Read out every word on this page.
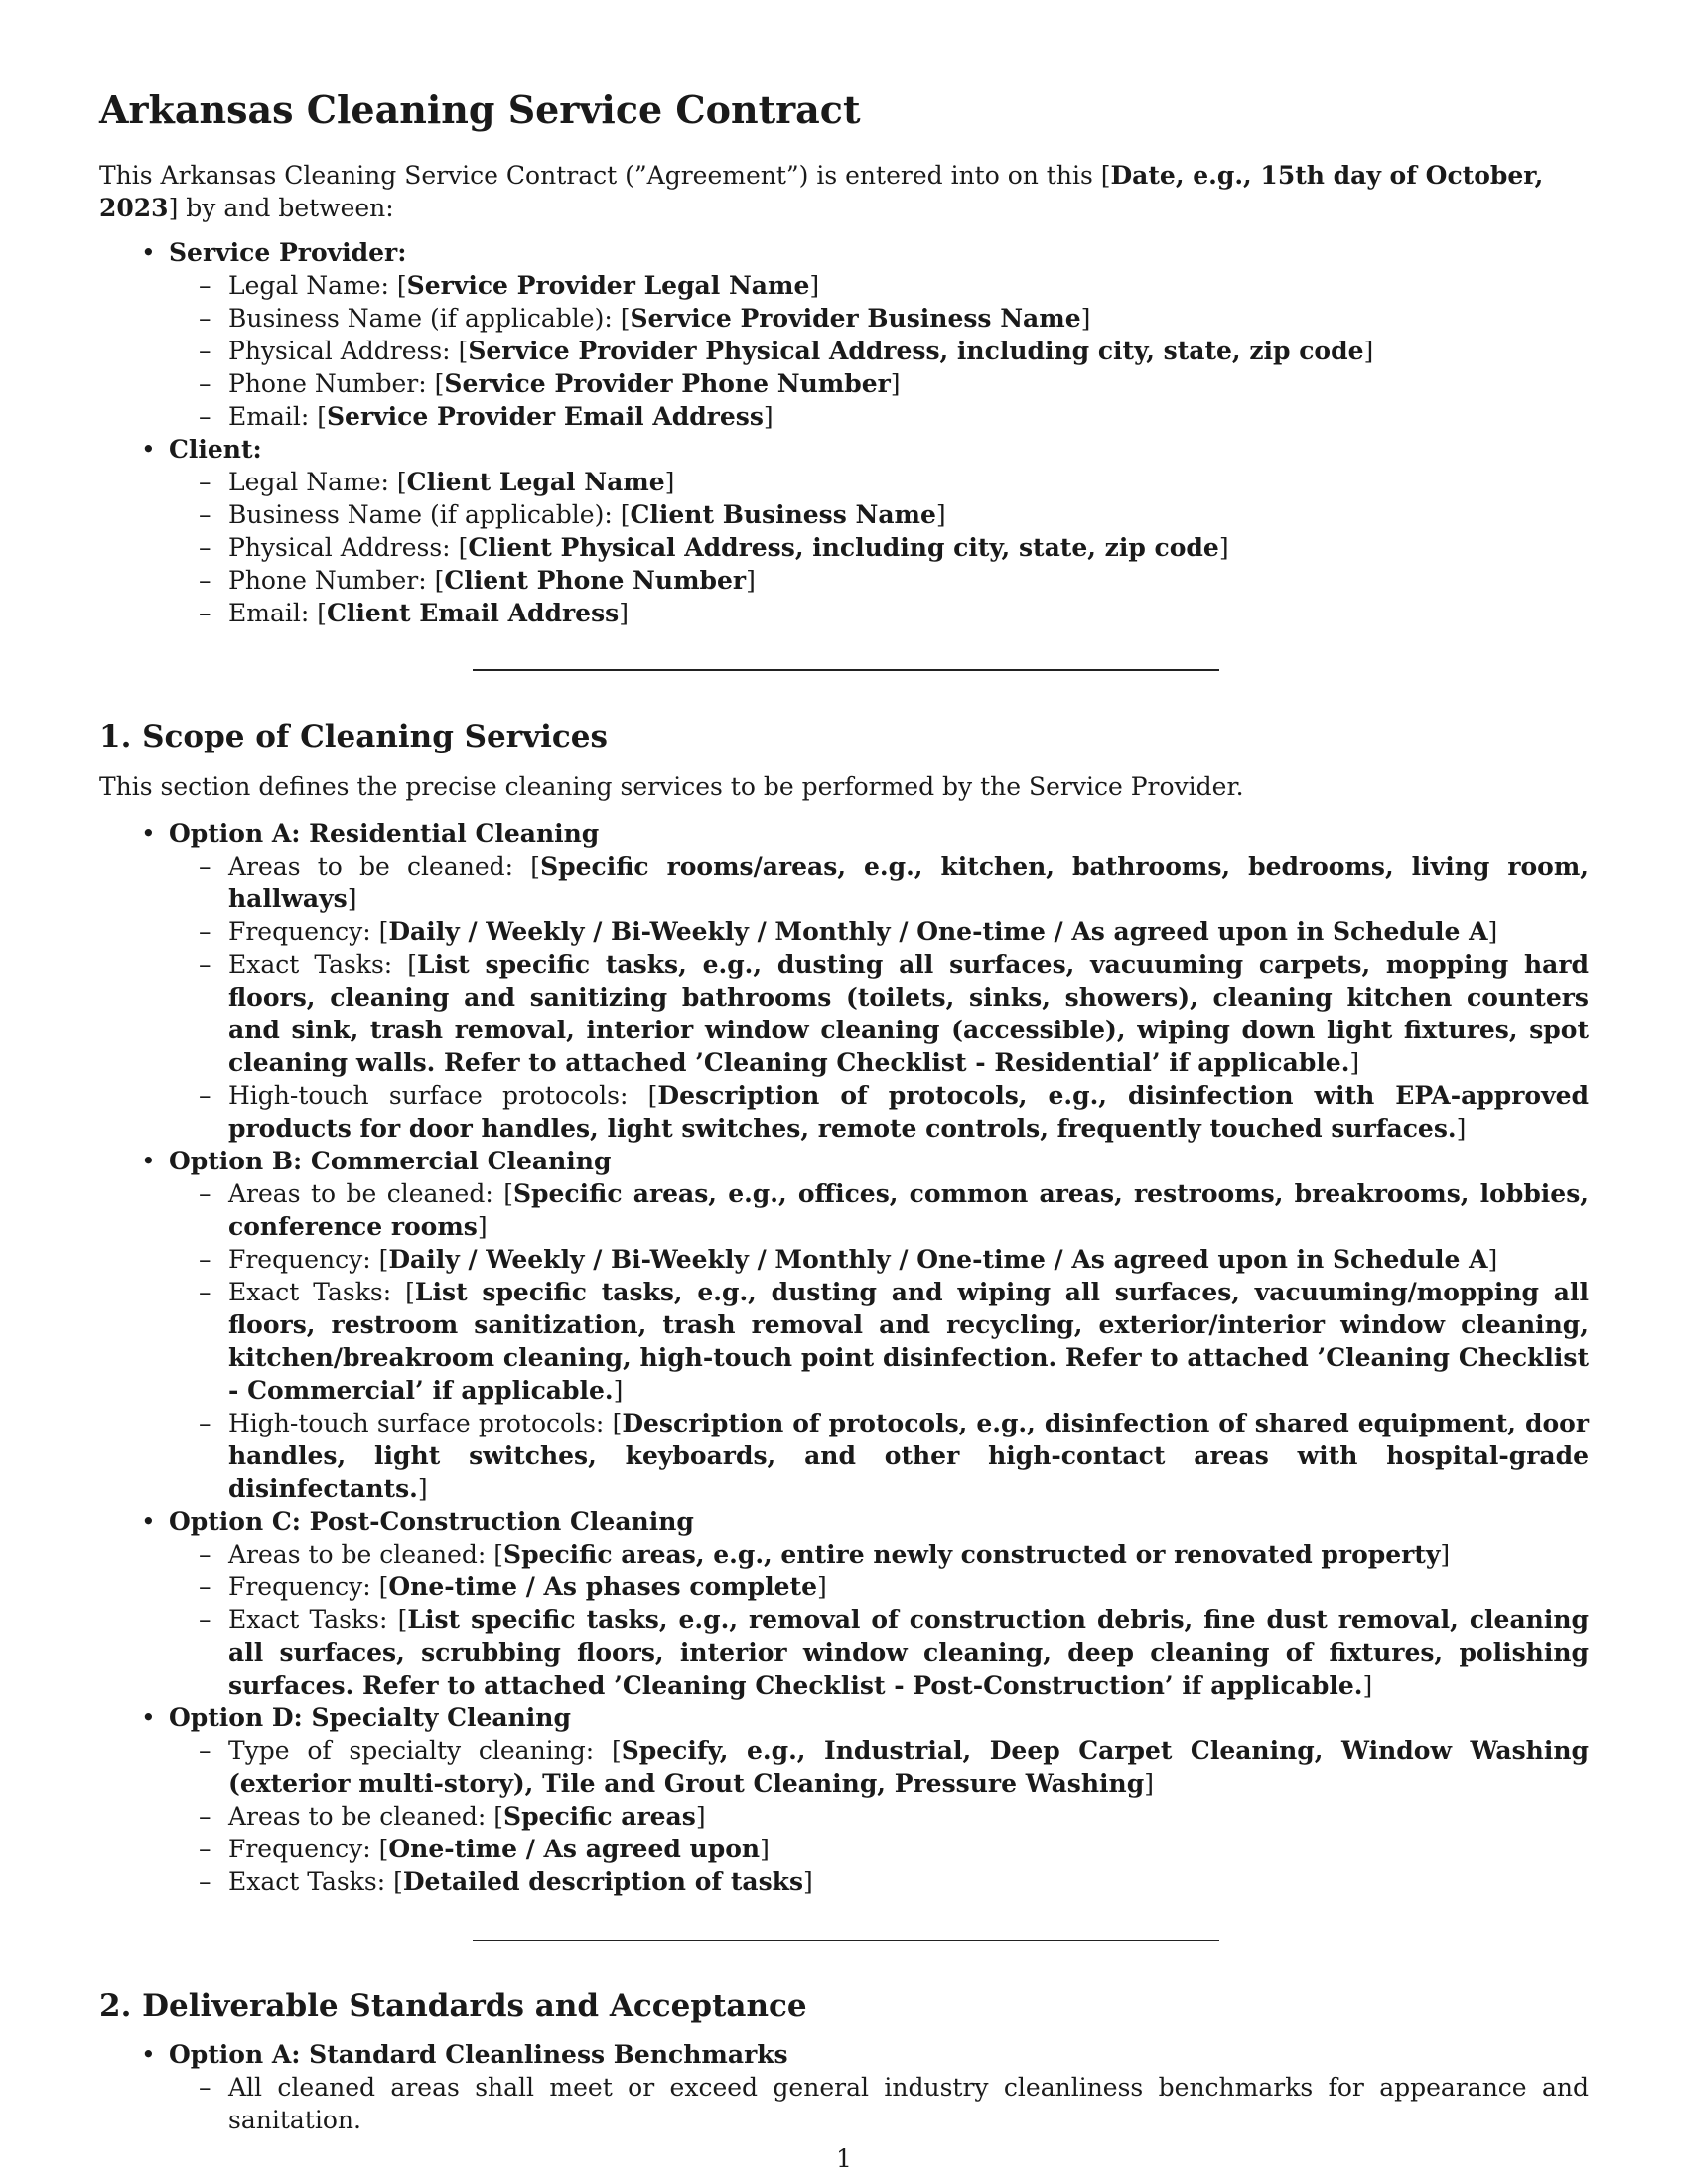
Arkansas Cleaning Service Contract

This Arkansas Cleaning Service Contract (”Agreement”) is entered into on this [Date, e.g., 15th day of October, 2023] by and between:

• Service Provider:
– Legal Name: [Service Provider Legal Name]
– Business Name (if applicable): [Service Provider Business Name]
– Physical Address: [Service Provider Physical Address, including city, state, zip code]
– Phone Number: [Service Provider Phone Number]
– Email: [Service Provider Email Address]
• Client:
– Legal Name: [Client Legal Name]
– Business Name (if applicable): [Client Business Name]
– Physical Address: [Client Physical Address, including city, state, zip code]
– Phone Number: [Client Phone Number]
– Email: [Client Email Address]
1. Scope of Cleaning Services

This section defines the precise cleaning services to be performed by the Service Provider.

• Option A: Residential Cleaning
– Areas to be cleaned: [Specific rooms/areas, e.g., kitchen, bathrooms, bedrooms, living room, hallways]
– Frequency: [Daily / Weekly / Bi-Weekly / Monthly / One-time / As agreed upon in Schedule A]
– Exact Tasks: [List specific tasks, e.g., dusting all surfaces, vacuuming carpets, mopping hard floors, cleaning and sanitizing bathrooms (toilets, sinks, showers), cleaning kitchen counters and sink, trash removal, interior window cleaning (accessible), wiping down light fixtures, spot cleaning walls. Refer to attached ’Cleaning Checklist - Residential’ if applicable.]
– High-touch surface protocols: [Description of protocols, e.g., disinfection with EPA-approved products for door handles, light switches, remote controls, frequently touched surfaces.]
• Option B: Commercial Cleaning
– Areas to be cleaned: [Specific areas, e.g., offices, common areas, restrooms, breakrooms, lobbies, conference rooms]
– Frequency: [Daily / Weekly / Bi-Weekly / Monthly / One-time / As agreed upon in Schedule A]
– Exact Tasks: [List specific tasks, e.g., dusting and wiping all surfaces, vacuuming/mopping all floors, restroom sanitization, trash removal and recycling, exterior/interior window cleaning, kitchen/breakroom cleaning, high-touch point disinfection. Refer to attached ’Cleaning Checklist - Commercial’ if applicable.]
– High-touch surface protocols: [Description of protocols, e.g., disinfection of shared equipment, door handles, light switches, keyboards, and other high-contact areas with hospital-grade disinfectants.]
• Option C: Post-Construction Cleaning
– Areas to be cleaned: [Specific areas, e.g., entire newly constructed or renovated property]
– Frequency: [One-time / As phases complete]
– Exact Tasks: [List specific tasks, e.g., removal of construction debris, fine dust removal, cleaning all surfaces, scrubbing floors, interior window cleaning, deep cleaning of fixtures, polishing surfaces. Refer to attached ’Cleaning Checklist - Post-Construction’ if applicable.]
• Option D: Specialty Cleaning
– Type of specialty cleaning: [Specify, e.g., Industrial, Deep Carpet Cleaning, Window Washing (exterior multi-story), Tile and Grout Cleaning, Pressure Washing]
– Areas to be cleaned: [Specific areas]
– Frequency: [One-time / As agreed upon]
– Exact Tasks: [Detailed description of tasks]
2. Deliverable Standards and Acceptance
• Option A: Standard Cleanliness Benchmarks
– All cleaned areas shall meet or exceed general industry cleanliness benchmarks for appearance and sanitation.
1
